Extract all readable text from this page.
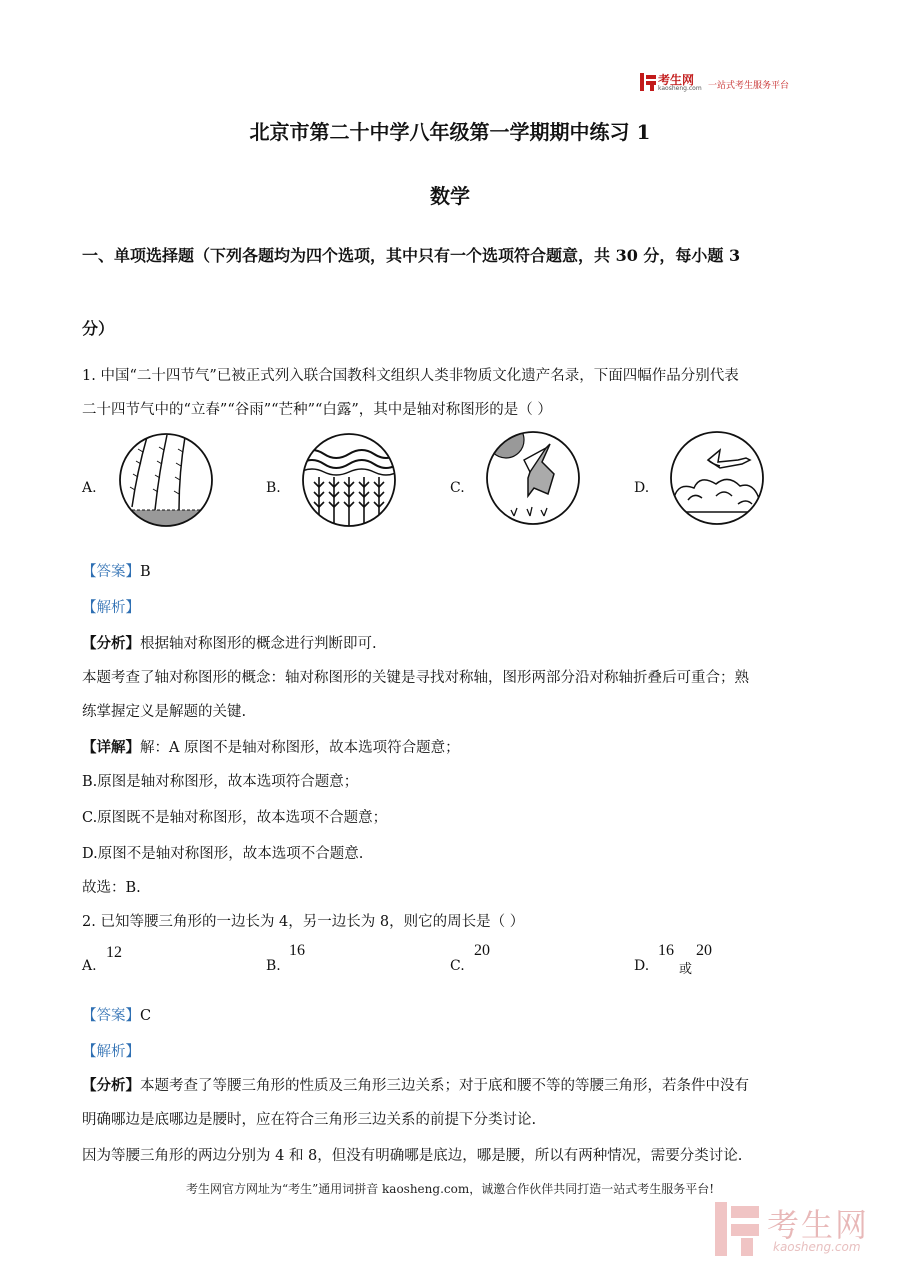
考生网
kaosheng.com 一站式考生服务平台
北京市第二十中学八年级第一学期期中练习 1
数学
一、单项选择题（下列各题均为四个选项，其中只有一个选项符合题意，共 30 分，每小题 3
分）
1. 中国“二十四节气”已被正式列入联合国教科文组织人类非物质文化遗产名录，下面四幅作品分别代表
二十四节气中的“立春”“谷雨”“芒种”“白露”，其中是轴对称图形的是（ ）
A.	B.	C.	D.
【答案】B
【解析】
【分析】根据轴对称图形的概念进行判断即可.
本题考查了轴对称图形的概念：轴对称图形的关键是寻找对称轴，图形两部分沿对称轴折叠后可重合；熟
练掌握定义是解题的关键.
【详解】解：A 原图不是轴对称图形，故本选项符合题意；
B.原图是轴对称图形，故本选项符合题意；
C.原图既不是轴对称图形，故本选项不合题意；
D.原图不是轴对称图形，故本选项不合题意.
故选：B.
2. 已知等腰三角形的一边长为 4，另一边长为 8，则它的周长是（ ）
A.
12
B.
16
C.
20
D.
16
或
20
【答案】C
【解析】
【分析】本题考查了等腰三角形的性质及三角形三边关系；对于底和腰不等的等腰三角形，若条件中没有
明确哪边是底哪边是腰时，应在符合三角形三边关系的前提下分类讨论.
因为等腰三角形的两边分别为 4 和 8，但没有明确哪是底边，哪是腰，所以有两种情况，需要分类讨论.
考生网官方网址为“考生”通用词拼音 kaosheng.com，诚邀合作伙伴共同打造一站式考生服务平台!
考生网
kaosheng.com
